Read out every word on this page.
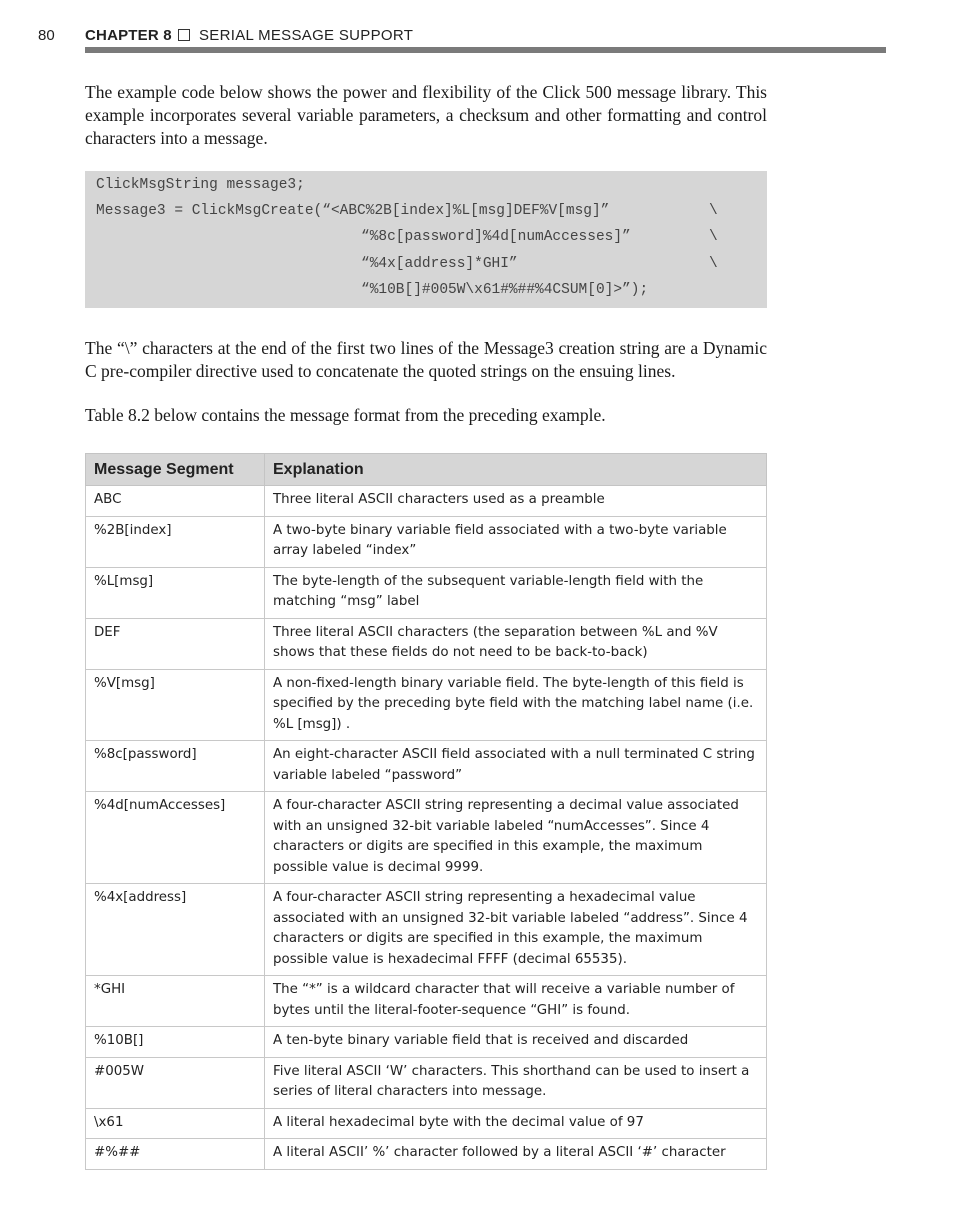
80 CHAPTER 8 SERIAL MESSAGE SUPPORT

The example code below shows the power and flexibility of the Click 500 message library. This example incorporates several variable parameters, a checksum and other formatting and control characters into a message.

ClickMsgString message3;
Message3 = ClickMsgCreate(“<ABC%2B[index]%L[msg]DEF%V[msg]”	\
“%8c[password]%4d[numAccesses]”	\
“%4x[address]*GHI”	\
“%10B[]#005W\x61#%##%4CSUM[0]>”);

The “\” characters at the end of the first two lines of the Message3 creation string are a Dynamic C pre-compiler directive used to concatenate the quoted strings on the ensuing lines.

Table 8.2 below contains the message format from the preceding example.

Message Segment	Explanation
ABC	Three literal ASCII characters used as a preamble
%2B[index]	A two-byte binary variable field associated with a two-byte variable array labeled “index”
%L[msg]	The byte-length of the subsequent variable-length field with the matching “msg” label
DEF	Three literal ASCII characters (the separation between %L and %V shows that these fields do not need to be back-to-back)
%V[msg]	A non-fixed-length binary variable field. The byte-length of this field is specified by the preceding byte field with the matching label name (i.e. %L [msg]) .
%8c[password]	An eight-character ASCII field associated with a null terminated C string variable labeled “password”
%4d[numAccesses]	A four-character ASCII string representing a decimal value associated with an unsigned 32-bit variable labeled “numAccesses”. Since 4 characters or digits are specified in this example, the maximum possible value is decimal 9999.
%4x[address]	A four-character ASCII string representing a hexadecimal value associated with an unsigned 32-bit variable labeled “address”. Since 4 characters or digits are specified in this example, the maximum possible value is hexadecimal FFFF (decimal 65535).
*GHI	The “*” is a wildcard character that will receive a variable number of bytes until the literal-footer-sequence “GHI” is found.
%10B[]	A ten-byte binary variable field that is received and discarded
#005W	Five literal ASCII ‘W’ characters. This shorthand can be used to insert a series of literal characters into message.
\x61	A literal hexadecimal byte with the decimal value of 97
#%##	A literal ASCII’ %’ character followed by a literal ASCII ‘#’ character
